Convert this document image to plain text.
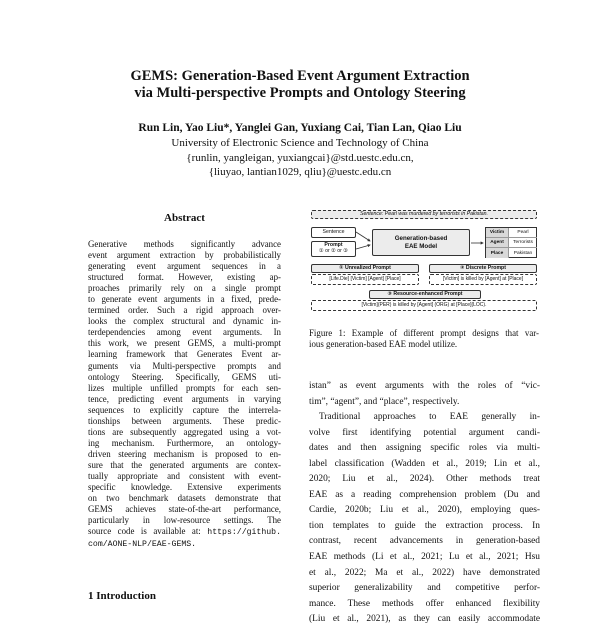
GEMS: Generation-Based Event Argument Extraction
via Multi-perspective Prompts and Ontology Steering
Run Lin, Yao Liu*, Yanglei Gan, Yuxiang Cai, Tian Lan, Qiao Liu
University of Electronic Science and Technology of China
{runlin, yangleigan, yuxiangcai}@std.uestc.edu.cn,
{liuyao, lantian1029, qliu}@uestc.edu.cn
Abstract
Generative methods significantly advance
event argument extraction by probabilistically
generating event argument sequences in a
structured format. However, existing ap-
proaches primarily rely on a single prompt
to generate event arguments in a fixed, prede-
termined order. Such a rigid approach over-
looks the complex structural and dynamic in-
terdependencies among event arguments. In
this work, we present GEMS, a multi-prompt
learning framework that Generates Event ar-
guments via Multi-perspective prompts and
ontology Steering. Specifically, GEMS uti-
lizes multiple unfilled prompts for each sen-
tence, predicting event arguments in varying
sequences to explicitly capture the interrela-
tionships between arguments. These predic-
tions are subsequently aggregated using a vot-
ing mechanism. Furthermore, an ontology-
driven steering mechanism is proposed to en-
sure that the generated arguments are contex-
tually appropriate and consistent with event-
specific knowledge. Extensive experiments
on two benchmark datasets demonstrate that
GEMS achieves state-of-the-art performance,
particularly in low-resource settings. The
source code is available at: https://github.
com/AONE-NLP/EAE-GEMS.
1 Introduction
Sentence: Pearl was murdered by terrorists in Pakistan.
Sentence
Prompt
① or ② or ③
Generation-based
EAE Model
Victim	Pearl
Agent	Terrorists
Place	Pakistan
① Unrealized Prompt	② Discrete Prompt
[Life.Die] [Victim] [Agent] [Place]	[Victim] is killed by [Agent] at [Place]
③ Resource-enhanced Prompt
[Victim](PER) is killed by [Agent] (ORG) at [Place](LOC).
Figure 1: Example of different prompt designs that var-
ious generation-based EAE model utilize.
istan” as event arguments with the roles of “vic-
tim”, “agent”, and “place”, respectively.
Traditional approaches to EAE generally in-
volve first identifying potential argument candi-
dates and then assigning specific roles via multi-
label classification (Wadden et al., 2019; Lin et al.,
2020; Liu et al., 2024). Other methods treat
EAE as a reading comprehension problem (Du and
Cardie, 2020b; Liu et al., 2020), employing ques-
tion templates to guide the extraction process. In
contrast, recent advancements in generation-based
EAE methods (Li et al., 2021; Lu et al., 2021; Hsu
et al., 2022; Ma et al., 2022) have demonstrated
superior generalizability and competitive perfor-
mance. These methods offer enhanced flexibility
(Liu et al., 2021), as they can easily accommodate
